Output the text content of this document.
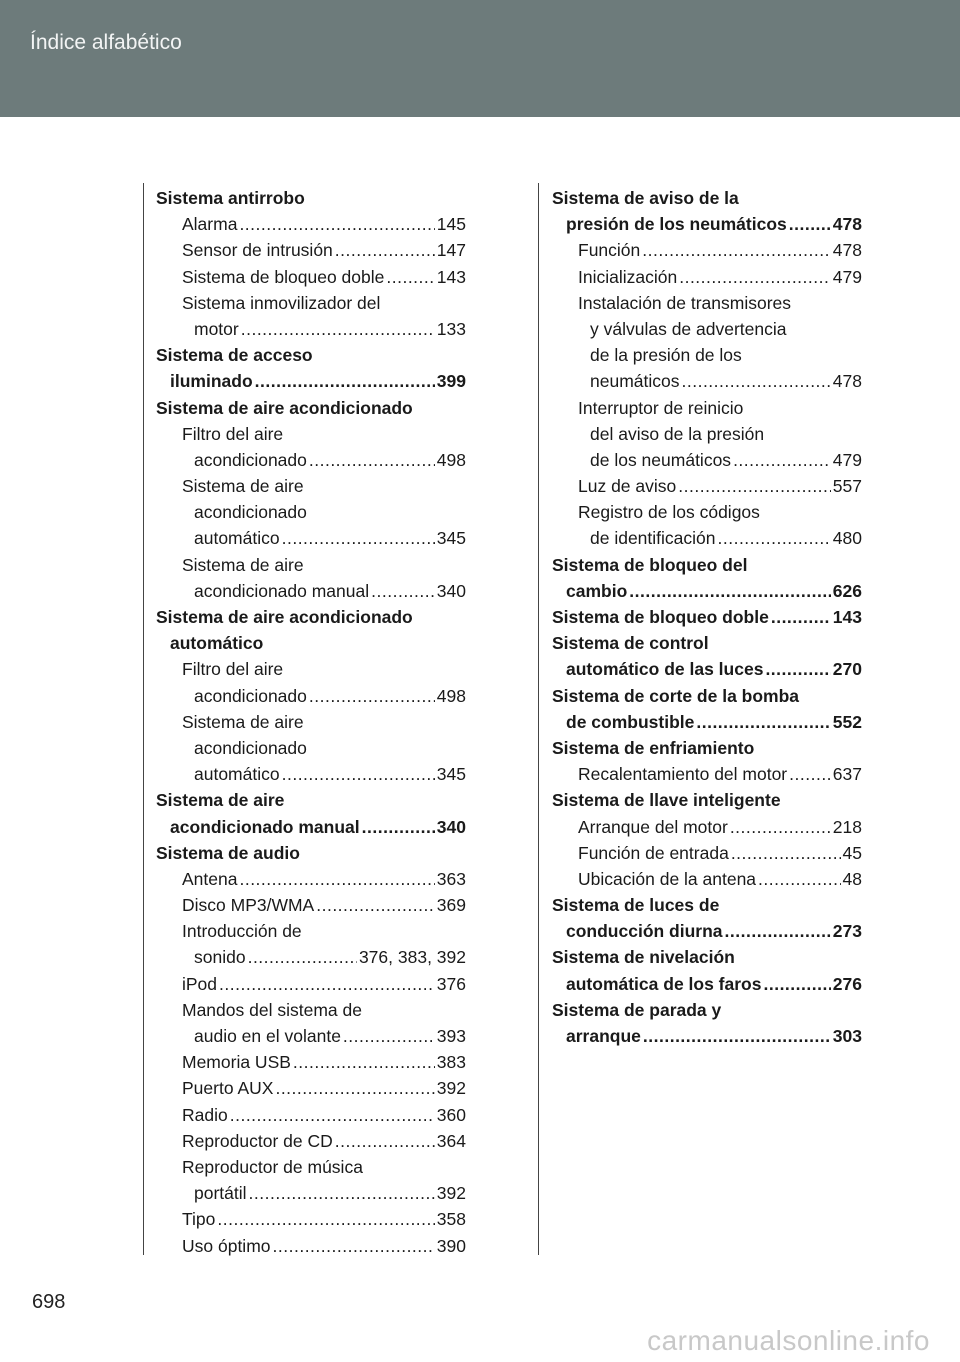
Índice alfabético
Sistema antirrobo
Alarma .....	145
Sensor de intrusión .....	147
Sistema de bloqueo doble .....	143
Sistema inmovilizador del
motor .....	133
Sistema de acceso
iluminado .....	399
Sistema de aire acondicionado
Filtro del aire
acondicionado .....	498
Sistema de aire
acondicionado
automático .....	345
Sistema de aire
acondicionado manual .....	340
Sistema de aire acondicionado
automático
Filtro del aire
acondicionado .....	498
Sistema de aire
acondicionado
automático .....	345
Sistema de aire
acondicionado manual .....	340
Sistema de audio
Antena .....	363
Disco MP3/WMA .....	369
Introducción de
sonido .....	376, 383, 392
iPod .....	376
Mandos del sistema de
audio en el volante .....	393
Memoria USB .....	383
Puerto AUX .....	392
Radio .....	360
Reproductor de CD .....	364
Reproductor de música
portátil .....	392
Tipo .....	358
Uso óptimo .....	390
Sistema de aviso de la
presión de los neumáticos .....	478
Función .....	478
Inicialización .....	479
Instalación de transmisores
y válvulas de advertencia
de la presión de los
neumáticos .....	478
Interruptor de reinicio
del aviso de la presión
de los neumáticos .....	479
Luz de aviso .....	557
Registro de los códigos
de identificación .....	480
Sistema de bloqueo del
cambio .....	626
Sistema de bloqueo doble .....	143
Sistema de control
automático de las luces .....	270
Sistema de corte de la bomba
de combustible .....	552
Sistema de enfriamiento
Recalentamiento del motor .....	637
Sistema de llave inteligente
Arranque del motor .....	218
Función de entrada .....	45
Ubicación de la antena .....	48
Sistema de luces de
conducción diurna .....	273
Sistema de nivelación
automática de los faros .....	276
Sistema de parada y
arranque .....	303
698
carmanualsonline.info
